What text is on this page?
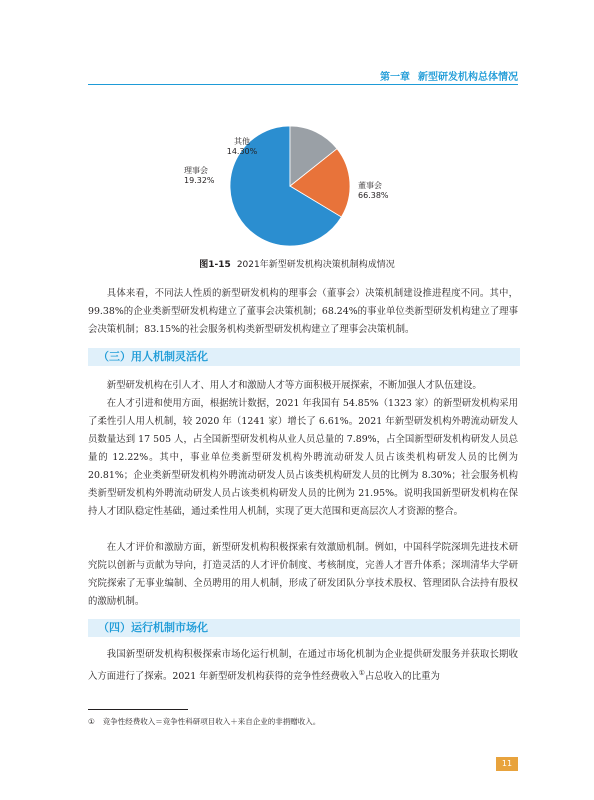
第一章 新型研发机构总体情况
其他
14.30%
理事会
19.32%
董事会
66.38%
图1-15 2021年新型研发机构决策机制构成情况

具体来看，不同法人性质的新型研发机构的理事会（董事会）决策机制建设推进程度不同。其中，99.38%的企业类新型研发机构建立了董事会决策机制；68.24%的事业单位类新型研发机构建立了理事会决策机制；83.15%的社会服务机构类新型研发机构建立了理事会决策机制。

（三）用人机制灵活化

新型研发机构在引人才、用人才和激励人才等方面积极开展探索，不断加强人才队伍建设。

在人才引进和使用方面，根据统计数据，2021 年我国有 54.85%（1323 家）的新型研发机构采用了柔性引人用人机制，较 2020 年（1241 家）增长了 6.61%。2021 年新型研发机构外聘流动研发人员数量达到 17 505 人，占全国新型研发机构从业人员总量的 7.89%，占全国新型研发机构研发人员总量的 12.22%。其中，事业单位类新型研发机构外聘流动研发人员占该类机构研发人员的比例为 20.81%；企业类新型研发机构外聘流动研发人员占该类机构研发人员的比例为 8.30%；社会服务机构类新型研发机构外聘流动研发人员占该类机构研发人员的比例为 21.95%。说明我国新型研发机构在保持人才团队稳定性基础，通过柔性用人机制，实现了更大范围和更高层次人才资源的整合。

在人才评价和激励方面，新型研发机构积极探索有效激励机制。例如，中国科学院深圳先进技术研究院以创新与贡献为导向，打造灵活的人才评价制度、考核制度，完善人才晋升体系；深圳清华大学研究院探索了无事业编制、全员聘用的用人机制，形成了研发团队分享技术股权、管理团队合法持有股权的激励机制。

（四）运行机制市场化

我国新型研发机构积极探索市场化运行机制，在通过市场化机制为企业提供研发服务并获取长期收入方面进行了探索。2021 年新型研发机构获得的竞争性经费收入①占总收入的比重为

① 竞争性经费收入＝竞争性科研项目收入＋来自企业的非捐赠收入。
11
